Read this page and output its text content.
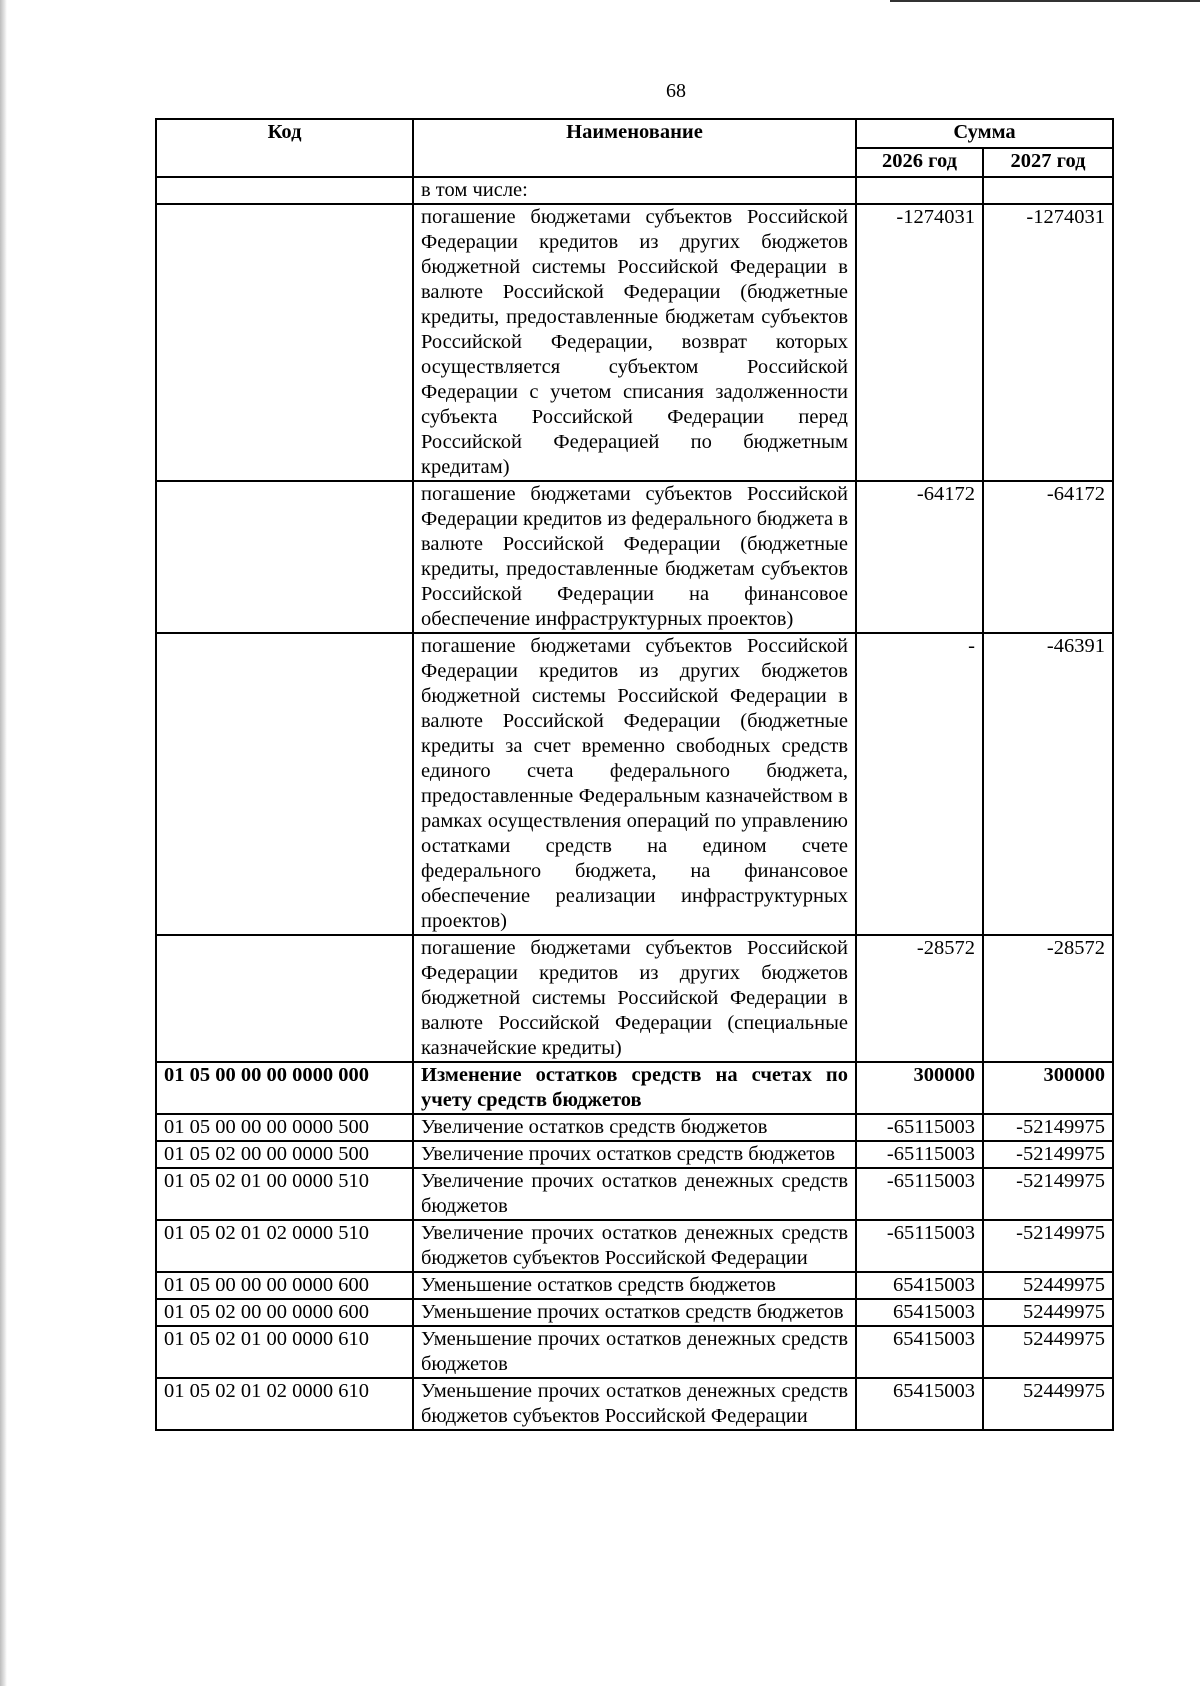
68
Код	Наименование	Сумма	
		2026 год	2027 год
	в том числе:		
	погашение бюджетами субъектов Российской Федерации кредитов из других бюджетов бюджетной системы Российской Федерации в валюте Российской Федерации (бюджетные кредиты, предоставленные бюджетам субъектов Российской Федерации, возврат которых осуществляется субъектом Российской Федерации с учетом списания задолженности субъекта Российской Федерации перед Российской Федерацией по бюджетным кредитам)	-1274031	-1274031
	погашение бюджетами субъектов Российской Федерации кредитов из федерального бюджета в валюте Российской Федерации (бюджетные кредиты, предоставленные бюджетам субъектов Российской Федерации на финансовое обеспечение инфраструктурных проектов)	-64172	-64172
	погашение бюджетами субъектов Российской Федерации кредитов из других бюджетов бюджетной системы Российской Федерации в валюте Российской Федерации (бюджетные кредиты за счет временно свободных средств единого счета федерального бюджета, предоставленные Федеральным казначейством в рамках осуществления операций по управлению остатками средств на едином счете федерального бюджета, на финансовое обеспечение реализации инфраструктурных проектов)	-	-46391
	погашение бюджетами субъектов Российской Федерации кредитов из других бюджетов бюджетной системы Российской Федерации в валюте Российской Федерации (специальные казначейские кредиты)	-28572	-28572
01 05 00 00 00 0000 000	Изменение остатков средств на счетах по учету средств бюджетов	300000	300000
01 05 00 00 00 0000 500	Увеличение остатков средств бюджетов	-65115003	-52149975
01 05 02 00 00 0000 500	Увеличение прочих остатков средств бюджетов	-65115003	-52149975
01 05 02 01 00 0000 510	Увеличение прочих остатков денежных средств бюджетов	-65115003	-52149975
01 05 02 01 02 0000 510	Увеличение прочих остатков денежных средств бюджетов субъектов Российской Федерации	-65115003	-52149975
01 05 00 00 00 0000 600	Уменьшение остатков средств бюджетов	65415003	52449975
01 05 02 00 00 0000 600	Уменьшение прочих остатков средств бюджетов	65415003	52449975
01 05 02 01 00 0000 610	Уменьшение прочих остатков денежных средств бюджетов	65415003	52449975
01 05 02 01 02 0000 610	Уменьшение прочих остатков денежных средств бюджетов субъектов Российской Федерации	65415003	52449975
